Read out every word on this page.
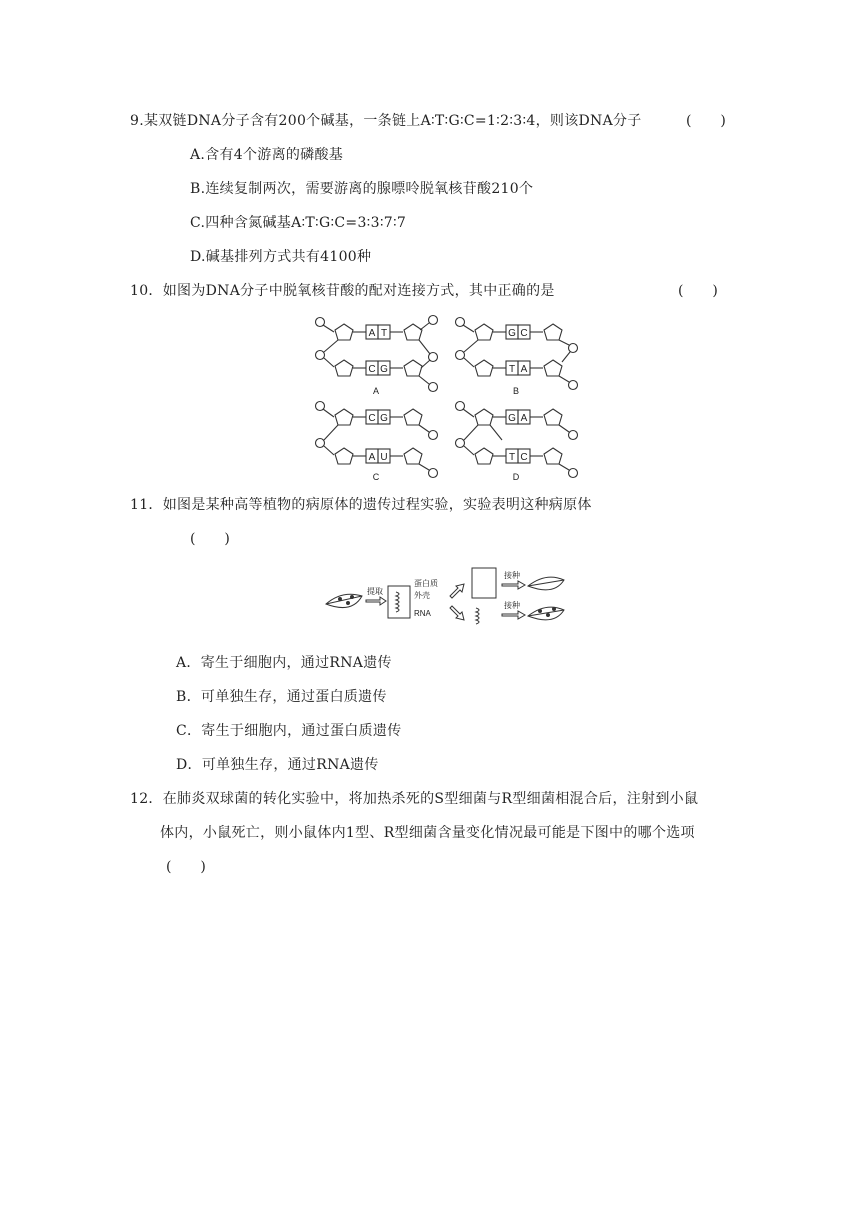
9.某双链DNA分子含有200个碱基，一条链上A∶T∶G∶C=1∶2∶3∶4，则该DNA分子	(　　)
A.含有4个游离的磷酸基
B.连续复制两次，需要游离的腺嘌呤脱氧核苷酸210个
C.四种含氮碱基A∶T∶G∶C=3∶3∶7∶7
D.碱基排列方式共有4100种
10．如图为DNA分子中脱氧核苷酸的配对连接方式，其中正确的是	(　　)
A T
C G
A
G C
T A
B
C G
A U
C
G A
T C
D
11．如图是某种高等植物的病原体的遗传过程实验，实验表明这种病原体
(　　)
提取
蛋白质
外壳
RNA
接种
接种
A．寄生于细胞内，通过RNA遗传
B．可单独生存，通过蛋白质遗传
C．寄生于细胞内，通过蛋白质遗传
D．可单独生存，通过RNA遗传
12．在肺炎双球菌的转化实验中，将加热杀死的S型细菌与R型细菌相混合后，注射到小鼠
体内，小鼠死亡，则小鼠体内1型、R型细菌含量变化情况最可能是下图中的哪个选项
(　　)
